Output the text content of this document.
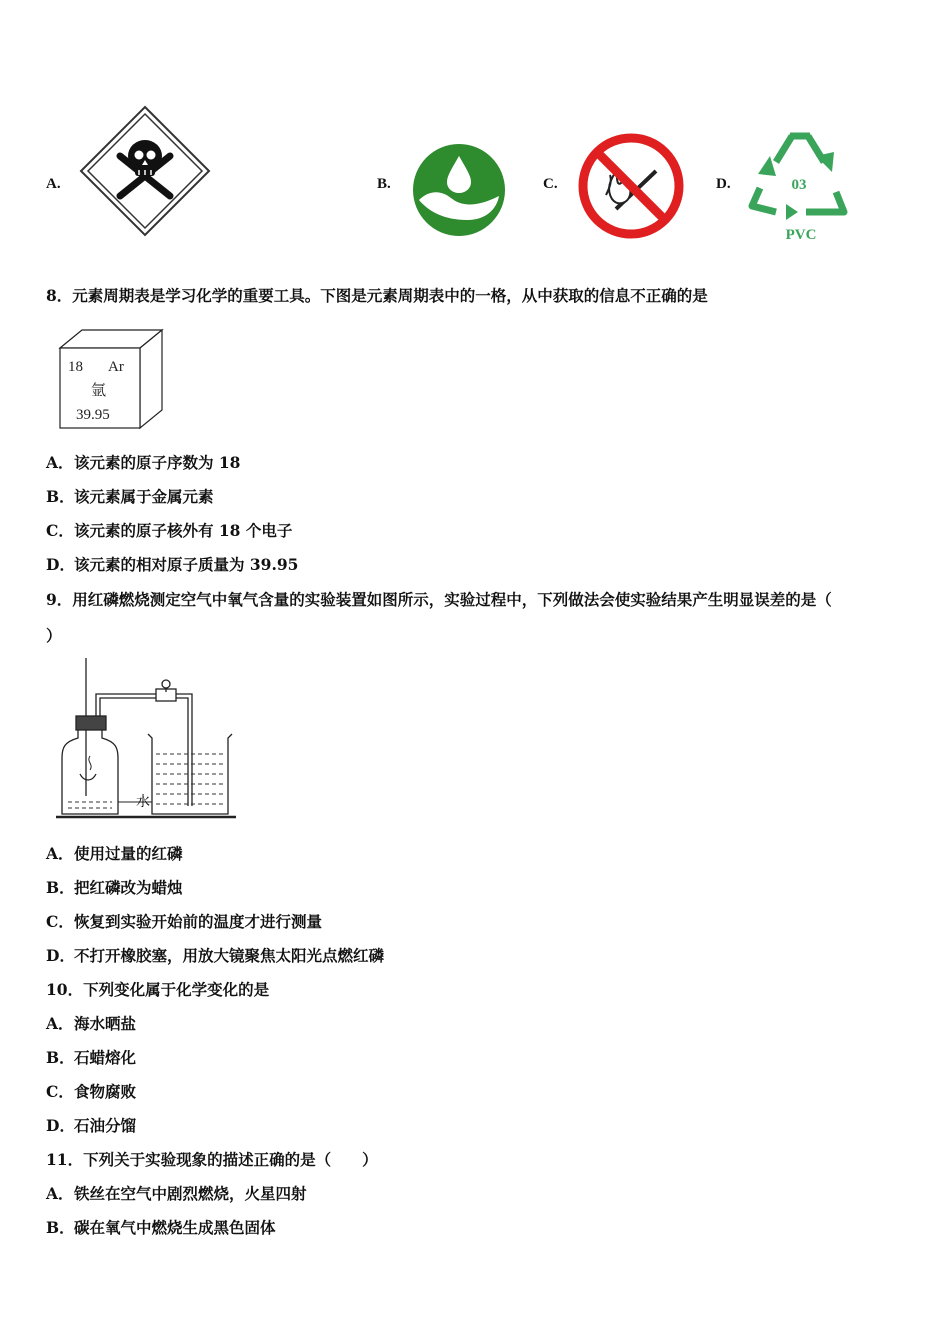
A.	B.	C.	D.	03
PVC
8．元素周期表是学习化学的重要工具。下图是元素周期表中的一格，从中获取的信息不正确的是
18 Ar
氩
39.95
A．该元素的原子序数为 18
B．该元素属于金属元素
C．该元素的原子核外有 18 个电子
D．该元素的相对原子质量为 39.95
9．用红磷燃烧测定空气中氧气含量的实验装置如图所示，实验过程中，下列做法会使实验结果产生明显误差的是（
）
水
A．使用过量的红磷
B．把红磷改为蜡烛
C．恢复到实验开始前的温度才进行测量
D．不打开橡胶塞，用放大镜聚焦太阳光点燃红磷
10．下列变化属于化学变化的是
A．海水晒盐
B．石蜡熔化
C．食物腐败
D．石油分馏
11．下列关于实验现象的描述正确的是（　　）
A．铁丝在空气中剧烈燃烧，火星四射
B．碳在氧气中燃烧生成黑色固体
